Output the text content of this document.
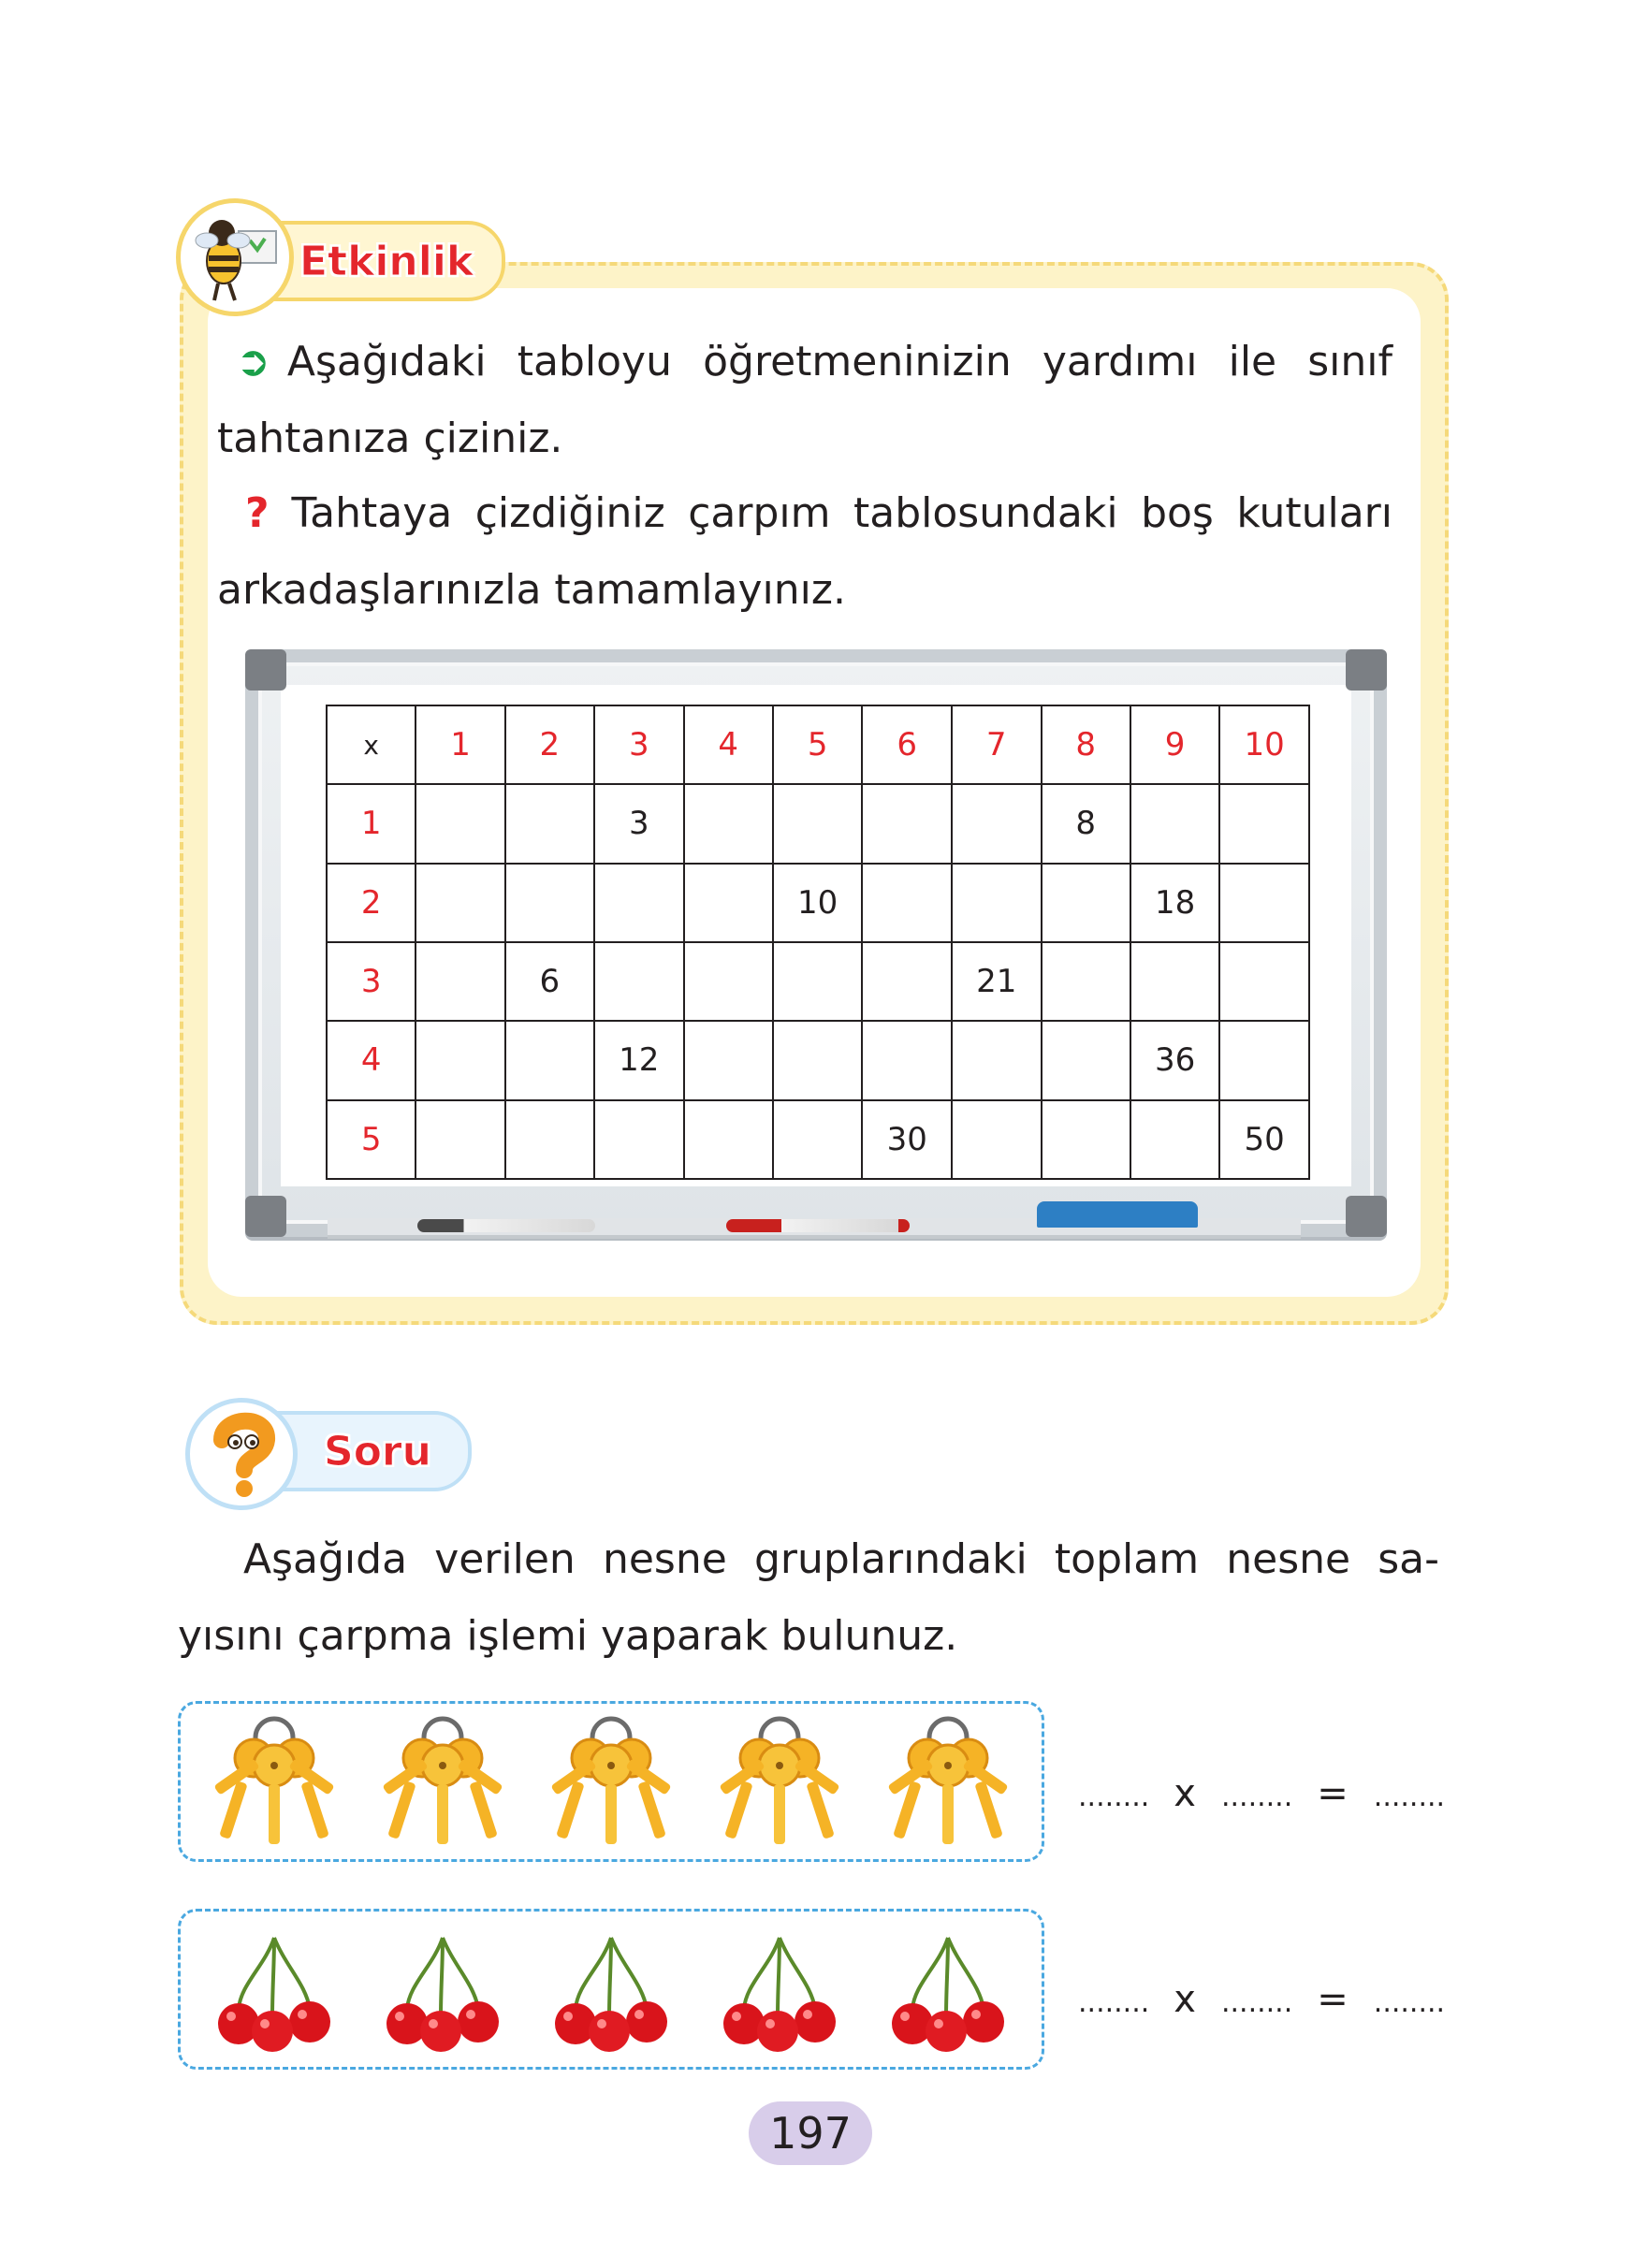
Etkinlik
➲ Aşağıdaki tabloyu öğretmeninizin yardımı ile sınıf
tahtanıza çiziniz.
? Tahtaya çizdiğiniz çarpım tablosundaki boş kutuları
arkadaşlarınızla tamamlayınız.
x	1	2	3	4	5	6	7	8	9	10
1			3					8		
2					10				18	
3		6					21			
4			12						36	
5						30				50
Soru
Aşağıda verilen nesne gruplarındaki toplam nesne sa-
yısını çarpma işlemi yaparak bulunuz.
........ x ........ = ........
........ x ........ = ........
197
